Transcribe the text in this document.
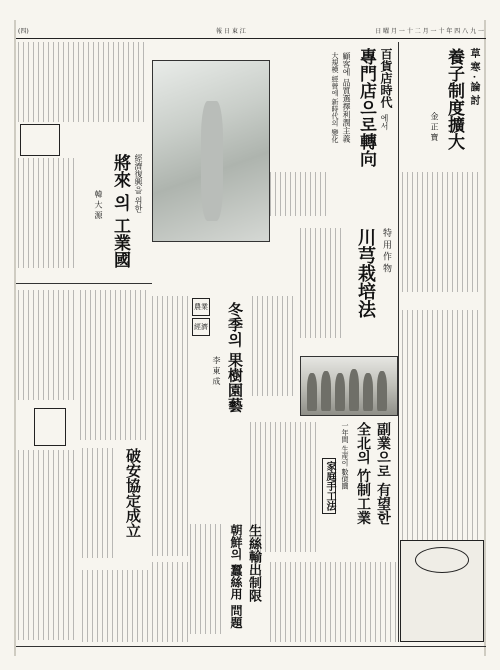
(四)	報 日 東 江	日 曜 月 一 十 二 月 一 十 年 四 八 九 一
草 寒 · 論 討
養子制度擴大
金 正 寶
百貨店時代
에서
專門店으로轉向
顧客에 品質選擇利潤主義
大規模 經營에 新時代의 變化
經濟復興을 위한
將來 의 工業國
韓 大 源
特 用 作 物
川芎栽培法
農業
經濟 冬季의 果樹園藝
李 東 成
副業으로 有望한
全北의 竹制工業
一年間 生産이 數億圜
家庭手工法
破安協定成立
生絲輸出制限
朝鮮의 蠶絲用 問題
